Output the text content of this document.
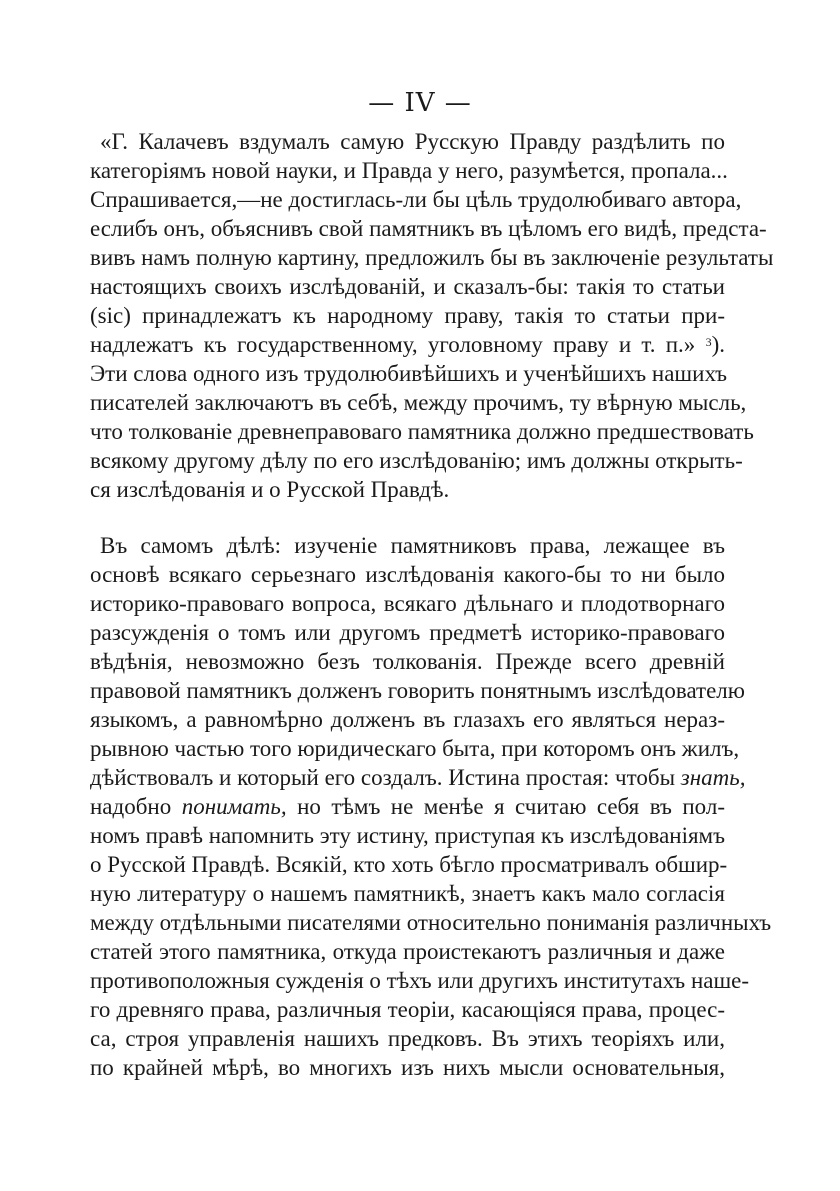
— IV —
«Г. Калачевъ вздумалъ самую Русскую Правду раздѣлить по
категоріямъ новой науки, и Правда у него, разумѣется, пропала...
Спрашивается,—не достиглась-ли бы цѣль трудолюбиваго автора,
еслибъ онъ, объяснивъ свой памятникъ въ цѣломъ его видѣ, предста-
вивъ намъ полную картину, предложилъ бы въ заключеніе результаты
настоящихъ своихъ изслѣдованій, и сказалъ-бы: такія то статьи
(sic) принадлежатъ къ народному праву, такія то статьи при-
надлежатъ къ государственному, уголовному праву и т. п.» $^3$).
Эти слова одного изъ трудолюбивѣйшихъ и ученѣйшихъ нашихъ
писателей заключаютъ въ себѣ, между прочимъ, ту вѣрную мысль,
что толкованіе древнеправоваго памятника должно предшествовать
всякому другому дѣлу по его изслѣдованію; имъ должны открыть-
ся изслѣдованія и о Русской Правдѣ.
Въ самомъ дѣлѣ: изученіе памятниковъ права, лежащее въ
основѣ всякаго серьезнаго изслѣдованія какого-бы то ни было
историко-правоваго вопроса, всякаго дѣльнаго и плодотворнаго
разсужденія о томъ или другомъ предметѣ историко-правоваго
вѣдѣнія, невозможно безъ толкованія. Прежде всего древній
правовой памятникъ долженъ говорить понятнымъ изслѣдователю
языкомъ, а равномѣрно долженъ въ глазахъ его являться нераз-
рывною частью того юридическаго быта, при которомъ онъ жилъ,
дѣйствовалъ и который его создалъ. Истина простая: чтобы знать,
надобно понимать, но тѣмъ не менѣе я считаю себя въ пол-
номъ правѣ напомнить эту истину, приступая къ изслѣдованіямъ
о Русской Правдѣ. Всякій, кто хоть бѣгло просматривалъ обшир-
ную литературу о нашемъ памятникѣ, знаетъ какъ мало согласія
между отдѣльными писателями относительно пониманія различныхъ
статей этого памятника, откуда проистекаютъ различныя и даже
противоположныя сужденія о тѣхъ или другихъ институтахъ наше-
го древняго права, различныя теоріи, касающіяся права, процес-
са, строя управленія нашихъ предковъ. Въ этихъ теоріяхъ или,
по крайней мѣрѣ, во многихъ изъ нихъ мысли основательныя,
